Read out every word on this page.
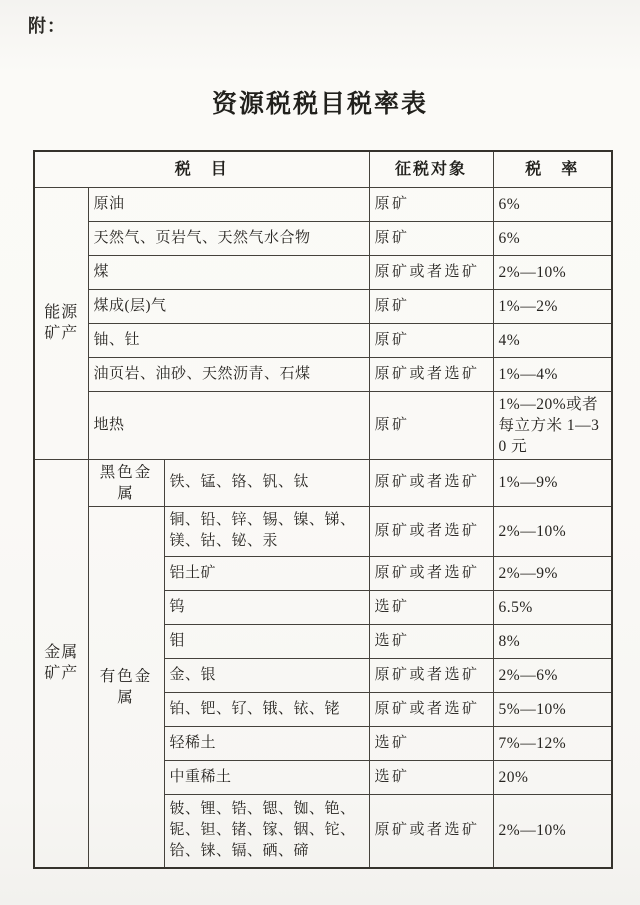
附：
资源税税目税率表
税　目			征税对象	税　率
能源矿产	原油		原矿	6%
	天然气、页岩气、天然气水合物		原矿	6%
	煤		原矿或者选矿	2%—10%
	煤成(层)气		原矿	1%—2%
	铀、钍		原矿	4%
	油页岩、油砂、天然沥青、石煤		原矿或者选矿	1%—4%
	地热		原矿	1%—20%或者每立方米 1—30 元
金属矿产	黑色金属	铁、锰、铬、钒、钛	原矿或者选矿	1%—9%
	有色金属	铜、铅、锌、锡、镍、锑、镁、钴、铋、汞	原矿或者选矿	2%—10%
		铝土矿	原矿或者选矿	2%—9%
		钨	选矿	6.5%
		钼	选矿	8%
		金、银	原矿或者选矿	2%—6%
		铂、钯、钌、锇、铱、铑	原矿或者选矿	5%—10%
		轻稀土	选矿	7%—12%
		中重稀土	选矿	20%
		铍、锂、锆、锶、铷、铯、铌、钽、锗、镓、铟、铊、铪、铼、镉、硒、碲	原矿或者选矿	2%—10%
